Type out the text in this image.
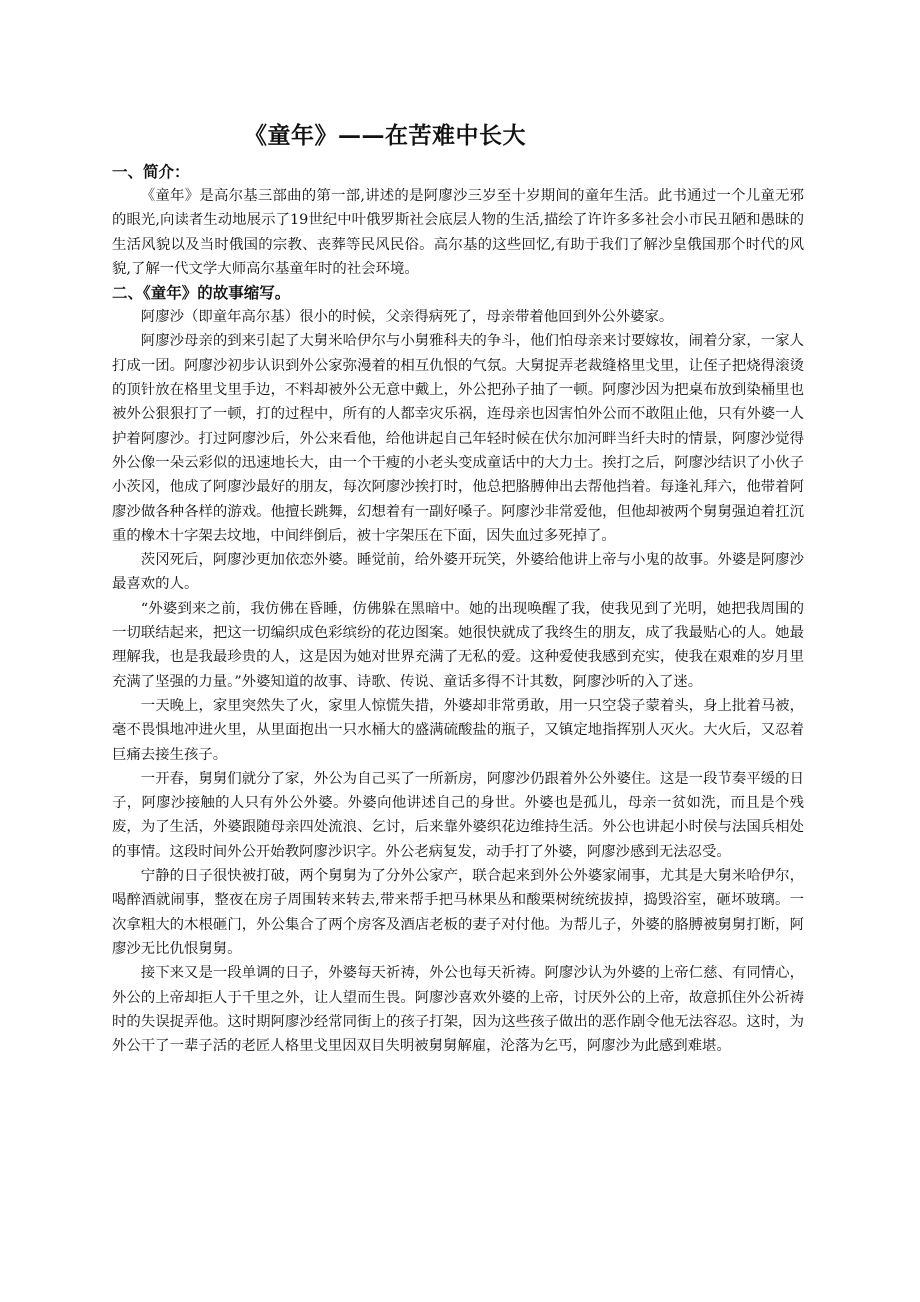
《童年》——在苦难中长大
一、简介：

《童年》是高尔基三部曲的第一部,讲述的是阿廖沙三岁至十岁期间的童年生活。此书通过一个儿童无邪的眼光,向读者生动地展示了19世纪中叶俄罗斯社会底层人物的生活,描绘了许许多多社会小市民丑陋和愚昧的生活风貌以及当时俄国的宗教、丧葬等民风民俗。高尔基的这些回忆,有助于我们了解沙皇俄国那个时代的风貌,了解一代文学大师高尔基童年时的社会环境。

二、《童年》的故事缩写。

阿廖沙（即童年高尔基）很小的时候，父亲得病死了，母亲带着他回到外公外婆家。

阿廖沙母亲的到来引起了大舅米哈伊尔与小舅雅科夫的争斗，他们怕母亲来讨要嫁妆，闹着分家，一家人打成一团。阿廖沙初步认识到外公家弥漫着的相互仇恨的气氛。大舅捉弄老裁缝格里戈里，让侄子把烧得滚烫的顶针放在格里戈里手边，不料却被外公无意中戴上，外公把孙子抽了一顿。阿廖沙因为把桌布放到染桶里也被外公狠狠打了一顿，打的过程中，所有的人都幸灾乐祸，连母亲也因害怕外公而不敢阻止他，只有外婆一人护着阿廖沙。打过阿廖沙后，外公来看他，给他讲起自己年轻时候在伏尔加河畔当纤夫时的情景，阿廖沙觉得外公像一朵云彩似的迅速地长大，由一个干瘦的小老头变成童话中的大力士。挨打之后，阿廖沙结识了小伙子小茨冈，他成了阿廖沙最好的朋友，每次阿廖沙挨打时，他总把胳膊伸出去帮他挡着。每逢礼拜六，他带着阿廖沙做各种各样的游戏。他擅长跳舞，幻想着有一副好嗓子。阿廖沙非常爱他，但他却被两个舅舅强迫着扛沉重的橡木十字架去坟地，中间绊倒后，被十字架压在下面，因失血过多死掉了。

茨冈死后，阿廖沙更加依恋外婆。睡觉前，给外婆开玩笑，外婆给他讲上帝与小鬼的故事。外婆是阿廖沙最喜欢的人。

“外婆到来之前，我仿佛在昏睡，仿佛躲在黑暗中。她的出现唤醒了我，使我见到了光明，她把我周围的一切联结起来，把这一切编织成色彩缤纷的花边图案。她很快就成了我终生的朋友，成了我最贴心的人。她最理解我，也是我最珍贵的人，这是因为她对世界充满了无私的爱。这种爱使我感到充实，使我在艰难的岁月里充满了坚强的力量。”外婆知道的故事、诗歌、传说、童话多得不计其数，阿廖沙听的入了迷。

一天晚上，家里突然失了火，家里人惊慌失措，外婆却非常勇敢，用一只空袋子蒙着头，身上批着马被，毫不畏惧地冲进火里，从里面抱出一只水桶大的盛满硫酸盐的瓶子，又镇定地指挥别人灭火。大火后，又忍着巨痛去接生孩子。

一开春，舅舅们就分了家，外公为自己买了一所新房，阿廖沙仍跟着外公外婆住。这是一段节奏平缓的日子，阿廖沙接触的人只有外公外婆。外婆向他讲述自己的身世。外婆也是孤儿，母亲一贫如洗，而且是个残废，为了生活，外婆跟随母亲四处流浪、乞讨，后来靠外婆织花边维持生活。外公也讲起小时侯与法国兵相处的事情。这段时间外公开始教阿廖沙识字。外公老病复发，动手打了外婆，阿廖沙感到无法忍受。

宁静的日子很快被打破，两个舅舅为了分外公家产，联合起来到外公外婆家闹事，尤其是大舅米哈伊尔，喝醉酒就闹事，整夜在房子周围转来转去,带来帮手把马林果丛和酸栗树统统拔掉，捣毁浴室，砸坏玻璃。一次拿粗大的木根砸门，外公集合了两个房客及酒店老板的妻子对付他。为帮儿子，外婆的胳膊被舅舅打断，阿廖沙无比仇恨舅舅。

接下来又是一段单调的日子，外婆每天祈祷，外公也每天祈祷。阿廖沙认为外婆的上帝仁慈、有同情心，外公的上帝却拒人于千里之外，让人望而生畏。阿廖沙喜欢外婆的上帝，讨厌外公的上帝，故意抓住外公祈祷时的失误捉弄他。这时期阿廖沙经常同街上的孩子打架，因为这些孩子做出的恶作剧令他无法容忍。这时，为外公干了一辈子活的老匠人格里戈里因双目失明被舅舅解雇，沦落为乞丐，阿廖沙为此感到难堪。
